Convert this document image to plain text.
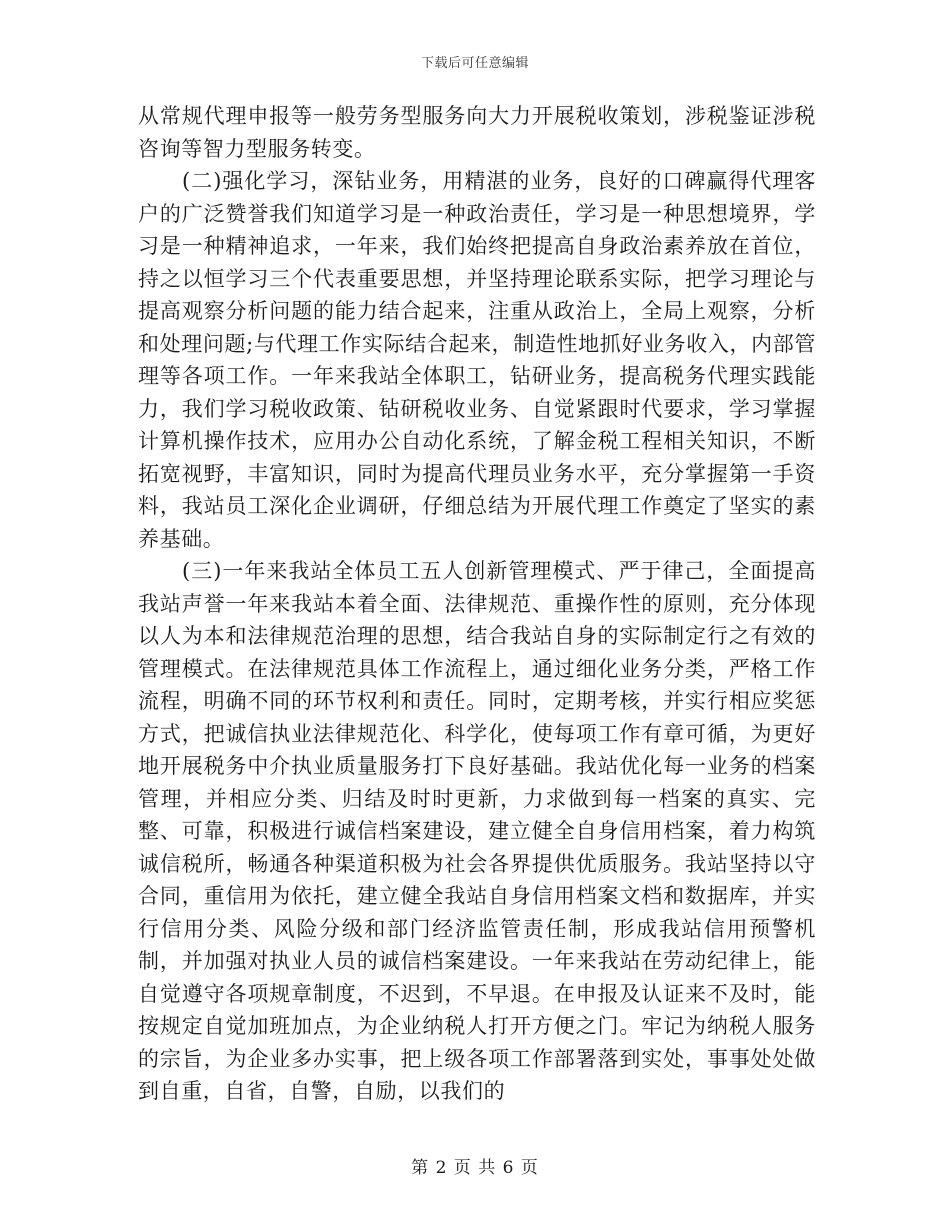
下载后可任意编辑

从常规代理申报等一般劳务型服务向大力开展税收策划，涉税鉴证涉税咨询等智力型服务转变。

(二)强化学习，深钻业务，用精湛的业务，良好的口碑赢得代理客户的广泛赞誉我们知道学习是一种政治责任，学习是一种思想境界，学习是一种精神追求，一年来，我们始终把提高自身政治素养放在首位，持之以恒学习三个代表重要思想，并坚持理论联系实际，把学习理论与提高观察分析问题的能力结合起来，注重从政治上，全局上观察，分析和处理问题;与代理工作实际结合起来，制造性地抓好业务收入，内部管理等各项工作。一年来我站全体职工，钻研业务，提高税务代理实践能力，我们学习税收政策、钻研税收业务、自觉紧跟时代要求，学习掌握计算机操作技术，应用办公自动化系统，了解金税工程相关知识，不断拓宽视野，丰富知识，同时为提高代理员业务水平，充分掌握第一手资料，我站员工深化企业调研，仔细总结为开展代理工作奠定了坚实的素养基础。

(三)一年来我站全体员工五人创新管理模式、严于律己，全面提高我站声誉一年来我站本着全面、法律规范、重操作性的原则，充分体现以人为本和法律规范治理的思想，结合我站自身的实际制定行之有效的管理模式。在法律规范具体工作流程上，通过细化业务分类，严格工作流程，明确不同的环节权利和责任。同时，定期考核，并实行相应奖惩方式，把诚信执业法律规范化、科学化，使每项工作有章可循，为更好地开展税务中介执业质量服务打下良好基础。我站优化每一业务的档案管理，并相应分类、归结及时时更新，力求做到每一档案的真实、完整、可靠，积极进行诚信档案建设，建立健全自身信用档案，着力构筑诚信税所，畅通各种渠道积极为社会各界提供优质服务。我站坚持以守合同，重信用为依托，建立健全我站自身信用档案文档和数据库，并实行信用分类、风险分级和部门经济监管责任制，形成我站信用预警机制，并加强对执业人员的诚信档案建设。一年来我站在劳动纪律上，能自觉遵守各项规章制度，不迟到，不早退。在申报及认证来不及时，能按规定自觉加班加点，为企业纳税人打开方便之门。牢记为纳税人服务的宗旨，为企业多办实事，把上级各项工作部署落到实处，事事处处做到自重，自省，自警，自励，以我们的

第 2 页 共 6 页
